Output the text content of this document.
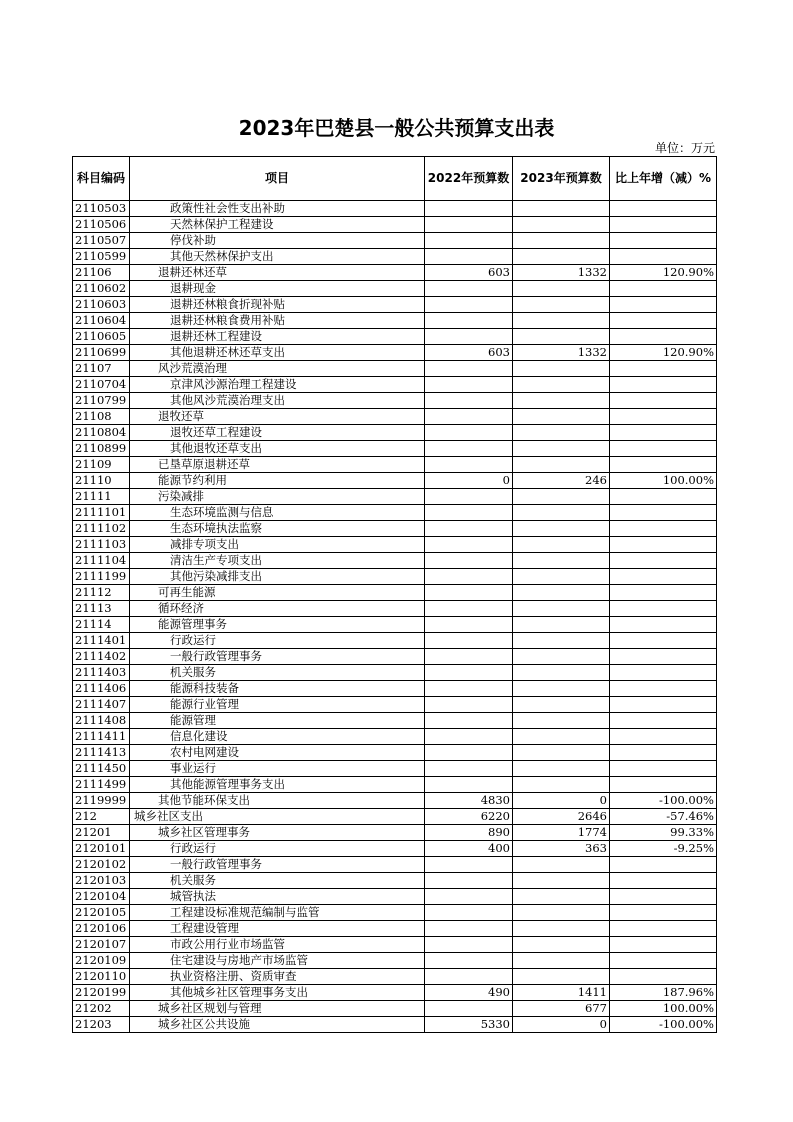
2023年巴楚县一般公共预算支出表
单位：万元
科目编码	项目	2022年预算数	2023年预算数	比上年增（减）%
2110503	政策性社会性支出补助			
2110506	天然林保护工程建设			
2110507	停伐补助			
2110599	其他天然林保护支出			
21106	退耕还林还草	603	1332	120.90%
2110602	退耕现金			
2110603	退耕还林粮食折现补贴			
2110604	退耕还林粮食费用补贴			
2110605	退耕还林工程建设			
2110699	其他退耕还林还草支出	603	1332	120.90%
21107	风沙荒漠治理			
2110704	京津风沙源治理工程建设			
2110799	其他风沙荒漠治理支出			
21108	退牧还草			
2110804	退牧还草工程建设			
2110899	其他退牧还草支出			
21109	已垦草原退耕还草			
21110	能源节约利用	0	246	100.00%
21111	污染减排			
2111101	生态环境监测与信息			
2111102	生态环境执法监察			
2111103	减排专项支出			
2111104	清洁生产专项支出			
2111199	其他污染减排支出			
21112	可再生能源			
21113	循环经济			
21114	能源管理事务			
2111401	行政运行			
2111402	一般行政管理事务			
2111403	机关服务			
2111406	能源科技装备			
2111407	能源行业管理			
2111408	能源管理			
2111411	信息化建设			
2111413	农村电网建设			
2111450	事业运行			
2111499	其他能源管理事务支出			
2119999	其他节能环保支出	4830	0	-100.00%
212	城乡社区支出	6220	2646	-57.46%
21201	城乡社区管理事务	890	1774	99.33%
2120101	行政运行	400	363	-9.25%
2120102	一般行政管理事务			
2120103	机关服务			
2120104	城管执法			
2120105	工程建设标准规范编制与监管			
2120106	工程建设管理			
2120107	市政公用行业市场监管			
2120109	住宅建设与房地产市场监管			
2120110	执业资格注册、资质审查			
2120199	其他城乡社区管理事务支出	490	1411	187.96%
21202	城乡社区规划与管理		677	100.00%
21203	城乡社区公共设施	5330	0	-100.00%
